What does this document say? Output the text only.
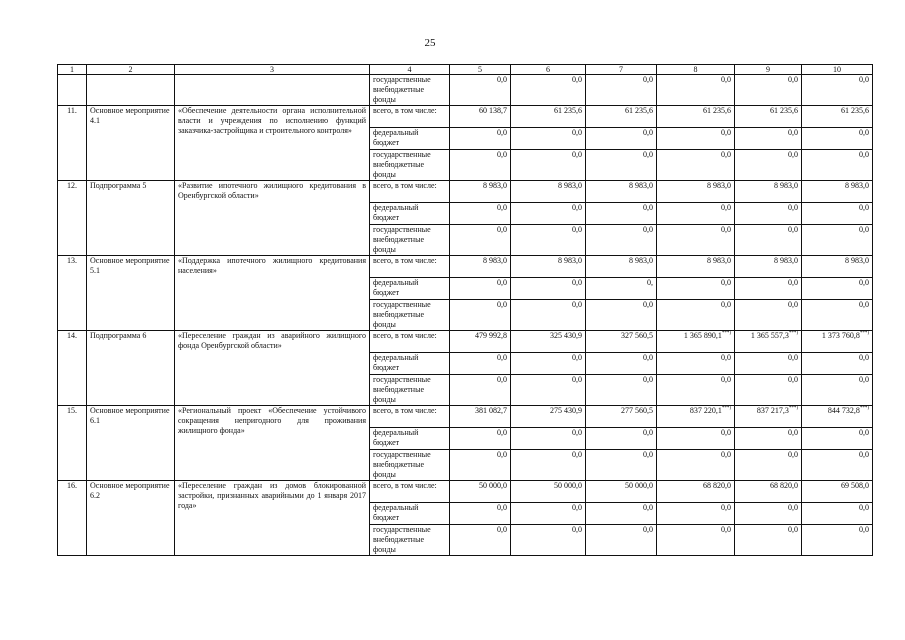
25
1	2	3	4	5	6	7	8	9	10
			государственные внебюджетные фонды	0,0	0,0	0,0	0,0	0,0	0,0
11.	Основное мероприятие 4.1	«Обеспечение деятельности органа исполнительной власти и учреждения по исполнению функций заказчика-застройщика и строительного контроля»	всего, в том числе:	60 138,7	61 235,6	61 235,6	61 235,6	61 235,6	61 235,6
			федеральный бюджет	0,0	0,0	0,0	0,0	0,0	0,0
			государственные внебюджетные фонды	0,0	0,0	0,0	0,0	0,0	0,0
12.	Подпрограмма 5	«Развитие ипотечного жилищного кредитования в Оренбургской области»	всего, в том числе:	8 983,0	8 983,0	8 983,0	8 983,0	8 983,0	8 983,0
			федеральный бюджет	0,0	0,0	0,0	0,0	0,0	0,0
			государственные внебюджетные фонды	0,0	0,0	0,0	0,0	0,0	0,0
13.	Основное мероприятие 5.1	«Поддержка ипотечного жилищного кредитования населения»	всего, в том числе:	8 983,0	8 983,0	8 983,0	8 983,0	8 983,0	8 983,0
			федеральный бюджет	0,0	0,0	0,	0,0	0,0	0,0
			государственные внебюджетные фонды	0,0	0,0	0,0	0,0	0,0	0,0
14.	Подпрограмма 6	«Переселение граждан из аварийного жилищного фонда Оренбургской области»	всего, в том числе:	479 992,8	325 430,9	327 560,5	1 365 890,1***)	1 365 557,3***)	1 373 760,8***)
			федеральный бюджет	0,0	0,0	0,0	0,0	0,0	0,0
			государственные внебюджетные фонды	0,0	0,0	0,0	0,0	0,0	0,0
15.	Основное мероприятие 6.1	«Региональный проект «Обеспечение устойчивого сокращения непригодного для проживания жилищного фонда»	всего, в том числе:	381 082,7	275 430,9	277 560,5	837 220,1***)	837 217,3***)	844 732,8***)
			федеральный бюджет	0,0	0,0	0,0	0,0	0,0	0,0
			государственные внебюджетные фонды	0,0	0,0	0,0	0,0	0,0	0,0
16.	Основное мероприятие 6.2	«Переселение граждан из домов блокированной застройки, признанных аварийными до 1 января 2017 года»	всего, в том числе:	50 000,0	50 000,0	50 000,0	68 820,0	68 820,0	69 508,0
			федеральный бюджет	0,0	0,0	0,0	0,0	0,0	0,0
			государственные внебюджетные фонды	0,0	0,0	0,0	0,0	0,0	0,0
